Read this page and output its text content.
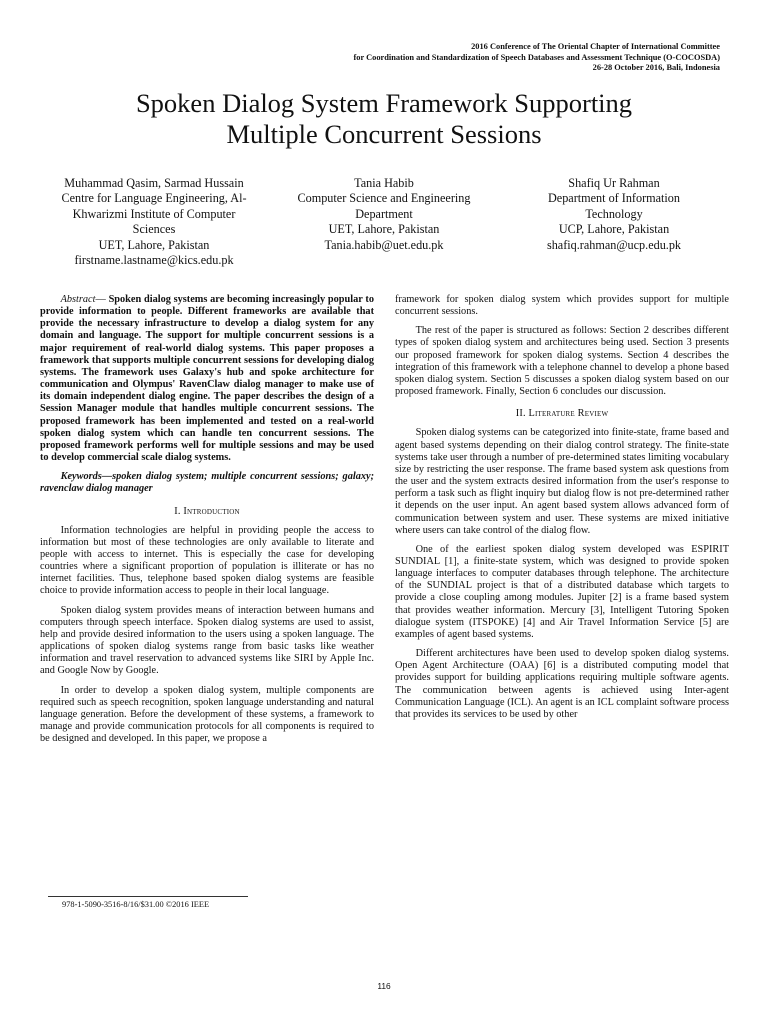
2016 Conference of The Oriental Chapter of International Committee
for Coordination and Standardization of Speech Databases and Assessment Technique (O-COCOSDA)
26-28 October 2016, Bali, Indonesia
Spoken Dialog System Framework Supporting
Multiple Concurrent Sessions
Muhammad Qasim, Sarmad Hussain
Centre for Language Engineering, Al-
Khwarizmi Institute of Computer
Sciences
UET, Lahore, Pakistan
firstname.lastname@kics.edu.pk
Tania Habib
Computer Science and Engineering
Department
UET, Lahore, Pakistan
Tania.habib@uet.edu.pk
Shafiq Ur Rahman
Department of Information
Technology
UCP, Lahore, Pakistan
shafiq.rahman@ucp.edu.pk

Abstract— Spoken dialog systems are becoming increasingly popular to provide information to people. Different frameworks are available that provide the necessary infrastructure to develop a dialog system for any domain and language. The support for multiple concurrent sessions is a major requirement of real-world dialog systems. This paper proposes a framework that supports multiple concurrent sessions for developing dialog systems. The framework uses Galaxy's hub and spoke architecture for communication and Olympus' RavenClaw dialog manager to make use of its domain independent dialog engine. The paper describes the design of a Session Manager module that handles multiple concurrent sessions. The proposed framework has been implemented and tested on a real-world spoken dialog system which can handle ten concurrent sessions. The proposed framework performs well for multiple sessions and may be used to develop commercial scale dialog systems.

Keywords—spoken dialog system; multiple concurrent sessions; galaxy; ravenclaw dialog manager

I. Introduction

Information technologies are helpful in providing people the access to information but most of these technologies are only available to literate and people with access to internet. This is especially the case for developing countries where a significant proportion of population is illiterate or has no internet facilities. Thus, telephone based spoken dialog systems are feasible choice to provide information access to people in their local language.

Spoken dialog system provides means of interaction between humans and computers through speech interface. Spoken dialog systems are used to assist, help and provide desired information to the users using a spoken language. The applications of spoken dialog systems range from basic tasks like weather information and travel reservation to advanced systems like SIRI by Apple Inc. and Google Now by Google.

In order to develop a spoken dialog system, multiple components are required such as speech recognition, spoken language understanding and natural language generation. Before the development of these systems, a framework to manage and provide communication protocols for all components is required to be designed and developed. In this paper, we propose a

framework for spoken dialog system which provides support for multiple concurrent sessions.

The rest of the paper is structured as follows: Section 2 describes different types of spoken dialog system and architectures being used. Section 3 presents our proposed framework for spoken dialog systems. Section 4 describes the integration of this framework with a telephone channel to develop a phone based spoken dialog system. Section 5 discusses a spoken dialog system based on our proposed framework. Finally, Section 6 concludes our discussion.

II. Literature Review

Spoken dialog systems can be categorized into finite-state, frame based and agent based systems depending on their dialog control strategy. The finite-state systems take user through a number of pre-determined states limiting vocabulary size by restricting the user response. The frame based system ask questions from the user and the system extracts desired information from the user's response to perform a task such as flight inquiry but dialog flow is not pre-determined rather it depends on the user input. An agent based system allows advanced form of communication between system and user. These systems are mixed initiative where users can take control of the dialog flow.

One of the earliest spoken dialog system developed was ESPIRIT SUNDIAL [1], a finite-state system, which was designed to provide spoken language interfaces to computer databases through telephone. The architecture of the SUNDIAL project is that of a distributed database which targets to provide a close coupling among modules. Jupiter [2] is a frame based system that provides weather information. Mercury [3], Intelligent Tutoring Spoken dialogue system (ITSPOKE) [4] and Air Travel Information Service [5] are examples of agent based systems.

Different architectures have been used to develop spoken dialog systems. Open Agent Architecture (OAA) [6] is a distributed computing model that provides support for building applications requiring multiple software agents. The communication between agents is achieved using Inter-agent Communication Language (ICL). An agent is an ICL complaint software process that provides its services to be used by other

978-1-5090-3516-8/16/$31.00 ©2016 IEEE
116
